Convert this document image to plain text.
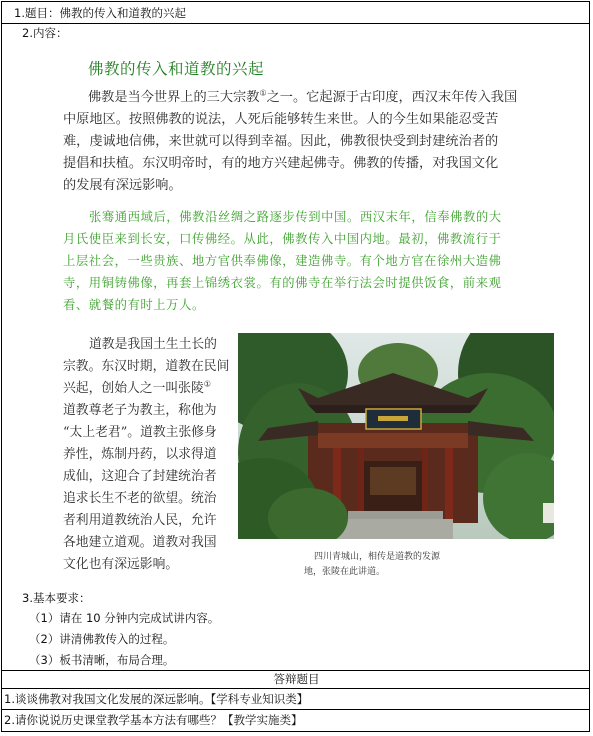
1.题目：佛教的传入和道教的兴起
2.内容：
佛教的传入和道教的兴起
佛教是当今世界上的三大宗教①之一。它起源于古印度，西汉末年传入我国
中原地区。按照佛教的说法，人死后能够转生来世。人的今生如果能忍受苦
难，虔诚地信佛，来世就可以得到幸福。因此，佛教很快受到封建统治者的
提倡和扶植。东汉明帝时，有的地方兴建起佛寺。佛教的传播，对我国文化
的发展有深远影响。
张骞通西域后，佛教沿丝绸之路逐步传到中国。西汉末年，信奉佛教的大
月氏使臣来到长安，口传佛经。从此，佛教传入中国内地。最初，佛教流行于
上层社会，一些贵族、地方官供奉佛像，建造佛寺。有个地方官在徐州大造佛
寺，用铜铸佛像，再套上锦绣衣裳。有的佛寺在举行法会时提供饭食，前来观
看、就餐的有时上万人。
道教是我国土生土长的
宗教。东汉时期，道教在民间
兴起，创始人之一叫张陵①
道教尊老子为教主，称他为
“太上老君”。道教主张修身
养性，炼制丹药，以求得道
成仙，这迎合了封建统治者
追求长生不老的欲望。统治
者利用道教统治人民，允许
各地建立道观。道教对我国
文化也有深远影响。	四川青城山，相传是道教的发源
地，张陵在此讲道。
3.基本要求：
（1）请在 10 分钟内完成试讲内容。
（2）讲清佛教传入的过程。
（3）板书清晰，布局合理。
答辩题目
1.谈谈佛教对我国文化发展的深远影响。【学科专业知识类】
2.请你说说历史课堂教学基本方法有哪些？【教学实施类】
